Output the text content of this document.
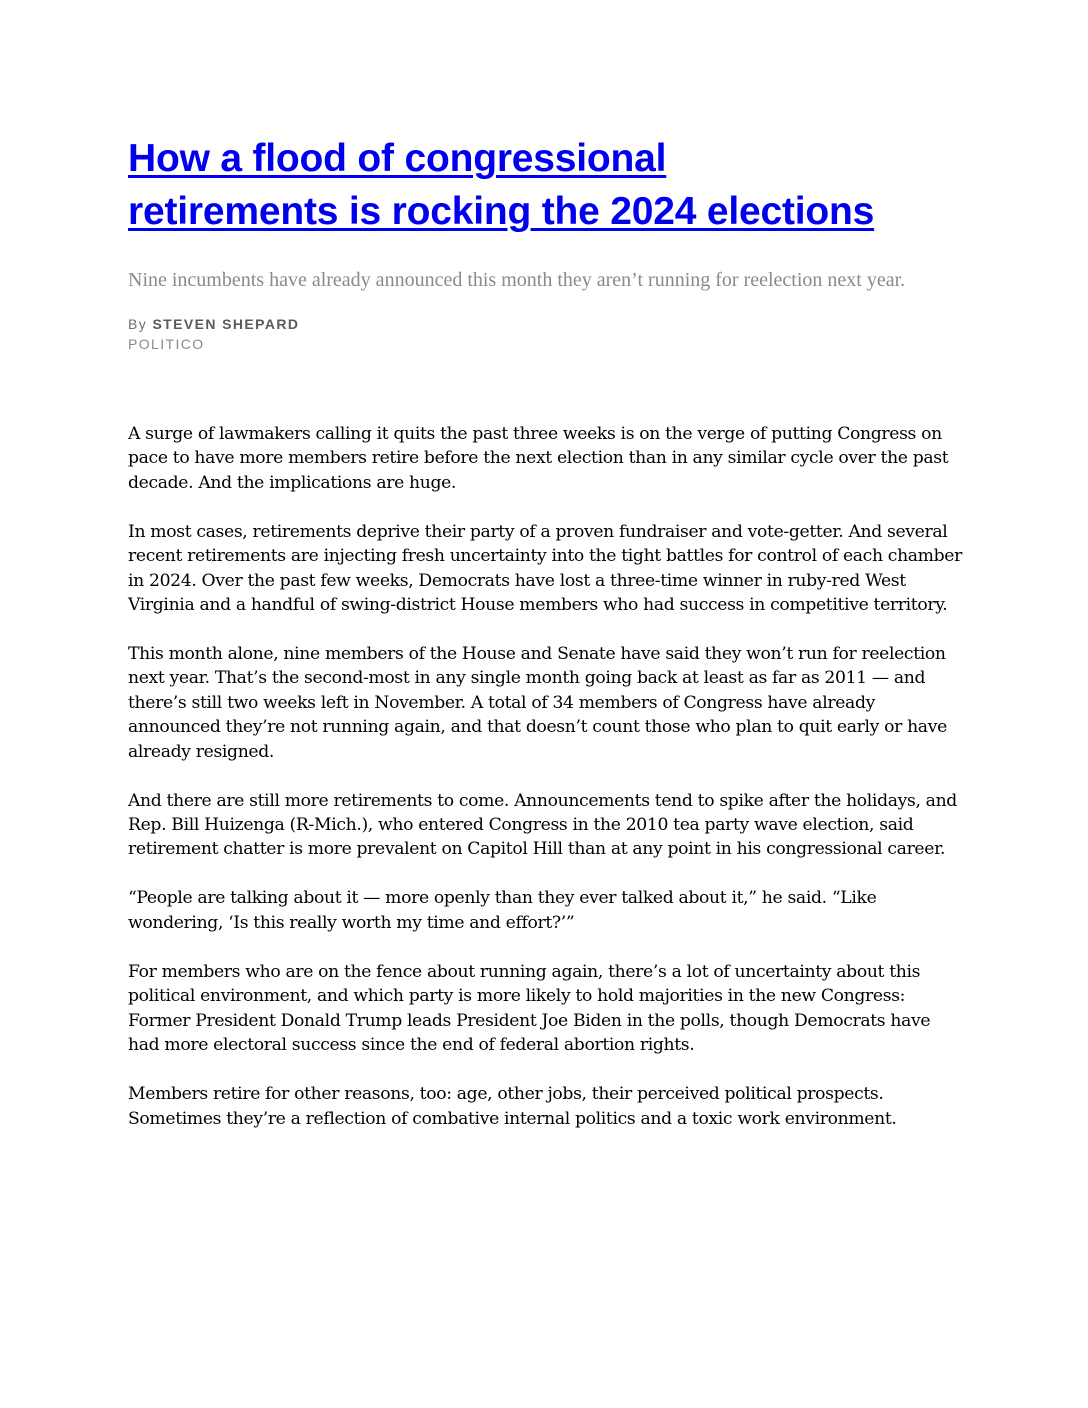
How a flood of congressional
retirements is rocking the 2024 elections

Nine incumbents have already announced this month they aren’t running for reelection next year.

By STEVEN SHEPARD
POLITICO

A surge of lawmakers calling it quits the past three weeks is on the verge of putting Congress on pace to have more members retire before the next election than in any similar cycle over the past decade. And the implications are huge.

In most cases, retirements deprive their party of a proven fundraiser and vote-getter. And several recent retirements are injecting fresh uncertainty into the tight battles for control of each chamber in 2024. Over the past few weeks, Democrats have lost a three-time winner in ruby-red West Virginia and a handful of swing-district House members who had success in competitive territory.

This month alone, nine members of the House and Senate have said they won’t run for reelection next year. That’s the second-most in any single month going back at least as far as 2011 — and there’s still two weeks left in November. A total of 34 members of Congress have already announced they’re not running again, and that doesn’t count those who plan to quit early or have already resigned.

And there are still more retirements to come. Announcements tend to spike after the holidays, and Rep. Bill Huizenga (R-Mich.), who entered Congress in the 2010 tea party wave election, said retirement chatter is more prevalent on Capitol Hill than at any point in his congressional career.

“People are talking about it — more openly than they ever talked about it,” he said. “Like wondering, ‘Is this really worth my time and effort?’”

For members who are on the fence about running again, there’s a lot of uncertainty about this political environment, and which party is more likely to hold majorities in the new Congress: Former President Donald Trump leads President Joe Biden in the polls, though Democrats have had more electoral success since the end of federal abortion rights.

Members retire for other reasons, too: age, other jobs, their perceived political prospects. Sometimes they’re a reflection of combative internal politics and a toxic work environment.
